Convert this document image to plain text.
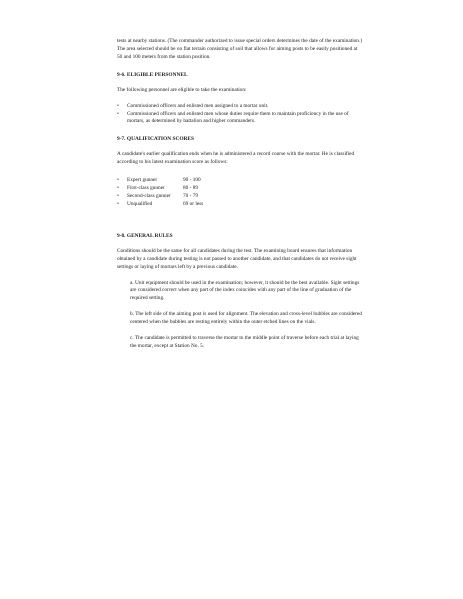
tests at nearby stations. (The commander authorized to issue special orders determines the date of the examination.) The area selected should be on flat terrain consisting of soil that allows for aiming posts to be easily positioned at 50 and 100 meters from the station position.

9-6. ELIGIBLE PERSONNEL

The following personnel are eligible to take the examination:

• Commissioned officers and enlisted men assigned to a mortar unit.
• Commissioned officers and enlisted men whose duties require them to maintain proficiency in the use of mortars, as determined by battalion and higher commanders.
9-7. QUALIFICATION SCORES

A candidate's earlier qualification ends when he is administered a record course with the mortar. He is classified according to his latest examination score as follows:

• Expert gunner	90 - 100
• First-class gunner	80 - 89
• Second-class gunner	70 - 79
• Unqualified	69 or less
9-8. GENERAL RULES

Conditions should be the same for all candidates during the test. The examining board ensures that information obtained by a candidate during testing is not passed to another candidate, and that candidates do not receive sight settings or laying of mortars left by a previous candidate.

a. Unit equipment should be used in the examination; however, it should be the best available. Sight settings are considered correct when any part of the index coincides with any part of the line of graduation of the required setting.

b. The left side of the aiming post is used for alignment. The elevation and cross-level bubbles are considered centered when the bubbles are resting entirely within the outer etched lines on the vials.

c. The candidate is permitted to traverse the mortar to the middle point of traverse before each trial at laying the mortar, except at Station No. 5.
